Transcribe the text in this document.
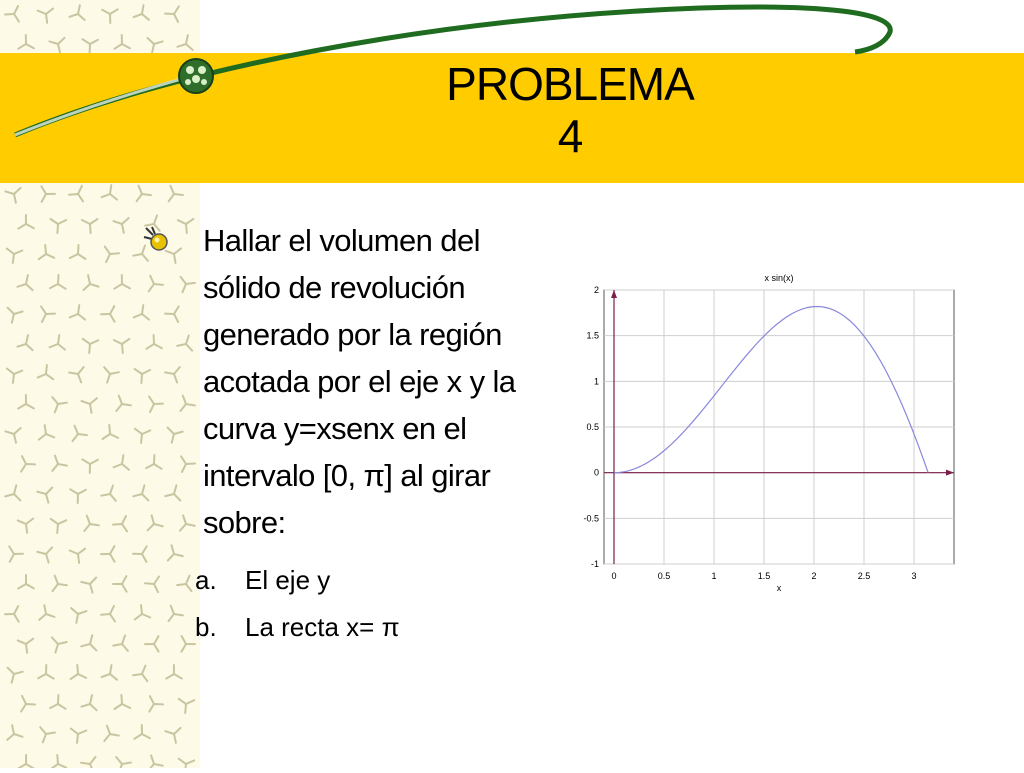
PROBLEMA
4
Hallar el volumen del sólido de revolución generado por la región acotada por el eje x y la curva y=xsenx en el intervalo [0, π] al girar sobre:
a. El eje y
b. La recta x= π
0	0.5	1	1.5	2	2.5	3
-1
-0.5
0
0.5
1
1.5
2
x sin(x)
x
